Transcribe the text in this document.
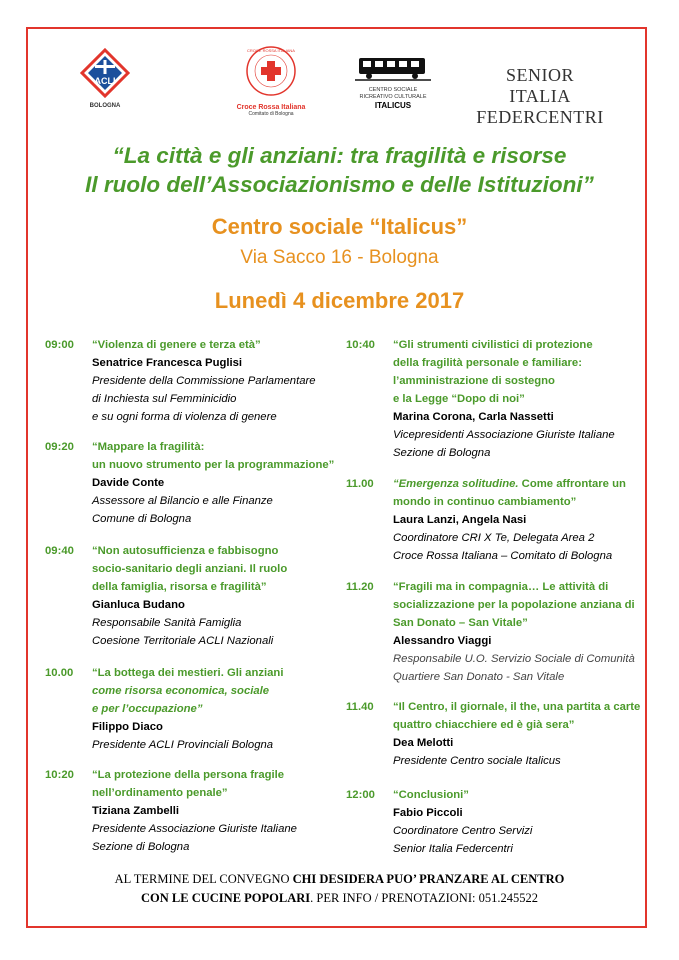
ACLI
BOLOGNA
CROCE ROSSA ITALIANA
Croce Rossa Italiana
Comitato di Bologna
CENTRO SOCIALE
RICREATIVO CULTURALE
ITALICUS
SENIOR ITALIA
FEDERCENTRI
“La città e gli anziani: tra fragilità e risorse
Il ruolo dell’Associazionismo e delle Istituzioni”
Centro sociale “Italicus”
Via Sacco 16 - Bologna
Lunedì 4 dicembre 2017
09:00 “Violenza di genere e terza età”
Senatrice Francesca Puglisi
Presidente della Commissione Parlamentare
di Inchiesta sul Femminicidio
e su ogni forma di violenza di genere
09:20 “Mappare la fragilità:
un nuovo strumento per la programmazione”
Davide Conte
Assessore al Bilancio e alle Finanze
Comune di Bologna
09:40 “Non autosufficienza e fabbisogno
socio-sanitario degli anziani. Il ruolo
della famiglia, risorsa e fragilità”
Gianluca Budano
Responsabile Sanità Famiglia
Coesione Territoriale ACLI Nazionali
10.00 “La bottega dei mestieri. Gli anziani
come risorsa economica, sociale
e per l’occupazione”
Filippo Diaco
Presidente ACLI Provinciali Bologna
10:20 “La protezione della persona fragile
nell’ordinamento penale”
Tiziana Zambelli
Presidente Associazione Giuriste Italiane
Sezione di Bologna
10:40 “Gli strumenti civilistici di protezione
della fragilità personale e familiare:
l’amministrazione di sostegno
e la Legge “Dopo di noi”
Marina Corona, Carla Nassetti
Vicepresidenti Associazione Giuriste Italiane
Sezione di Bologna
11.00 “Emergenza solitudine. Come affrontare un
mondo in continuo cambiamento”
Laura Lanzi, Angela Nasi
Coordinatore CRI X Te, Delegata Area 2
Croce Rossa Italiana – Comitato di Bologna
11.20 “Fragili ma in compagnia… Le attività di
socializzazione per la popolazione anziana di
San Donato – San Vitale”
Alessandro Viaggi
Responsabile U.O. Servizio Sociale di Comunità
Quartiere San Donato - San Vitale
11.40 “Il Centro, il giornale, il the, una partita a carte
quattro chiacchiere ed è già sera”
Dea Melotti
Presidente Centro sociale Italicus
12:00 “Conclusioni”
Fabio Piccoli
Coordinatore Centro Servizi
Senior Italia Federcentri
AL TERMINE DEL CONVEGNO CHI DESIDERA PUO’ PRANZARE AL CENTRO
CON LE CUCINE POPOLARI. PER INFO / PRENOTAZIONI: 051.245522
